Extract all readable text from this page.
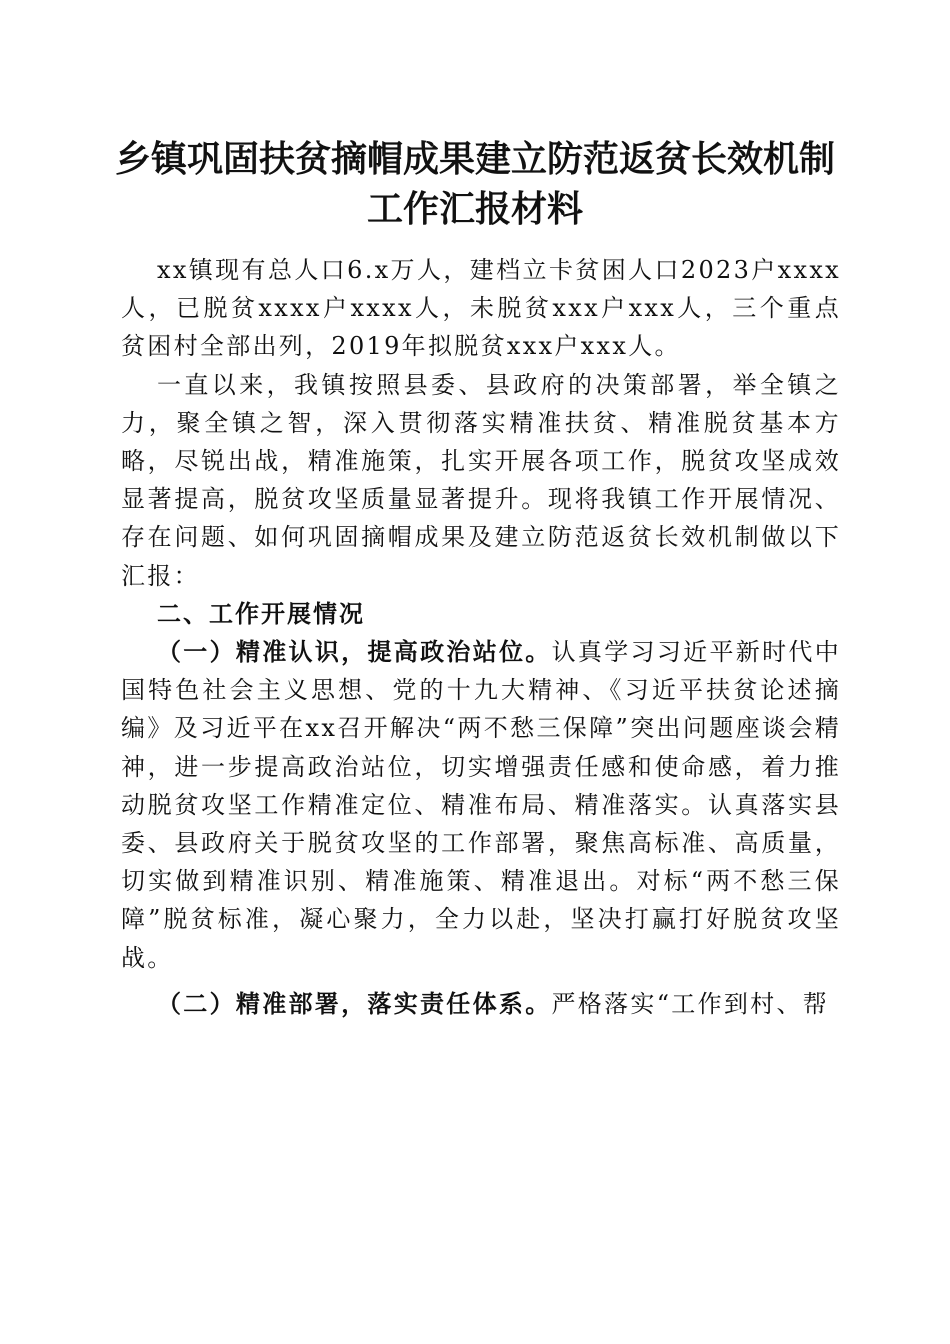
乡镇巩固扶贫摘帽成果建立防范返贫长效机制
工作汇报材料

xx镇现有总人口6.x万人，建档立卡贫困人口2023户xxxx人，已脱贫xxxx户xxxx人，未脱贫xxx户xxx人，三个重点贫困村全部出列，2019年拟脱贫xxx户xxx人。

一直以来，我镇按照县委、县政府的决策部署，举全镇之力，聚全镇之智，深入贯彻落实精准扶贫、精准脱贫基本方略，尽锐出战，精准施策，扎实开展各项工作，脱贫攻坚成效显著提高，脱贫攻坚质量显著提升。现将我镇工作开展情况、存在问题、如何巩固摘帽成果及建立防范返贫长效机制做以下汇报：

二、工作开展情况

（一）精准认识，提高政治站位。认真学习习近平新时代中国特色社会主义思想、党的十九大精神、《习近平扶贫论述摘编》及习近平在xx召开解决“两不愁三保障”突出问题座谈会精神，进一步提高政治站位，切实增强责任感和使命感，着力推动脱贫攻坚工作精准定位、精准布局、精准落实。认真落实县委、县政府关于脱贫攻坚的工作部署，聚焦高标准、高质量，切实做到精准识别、精准施策、精准退出。对标“两不愁三保障”脱贫标准，凝心聚力，全力以赴，坚决打赢打好脱贫攻坚战。

（二）精准部署，落实责任体系。严格落实“工作到村、帮
